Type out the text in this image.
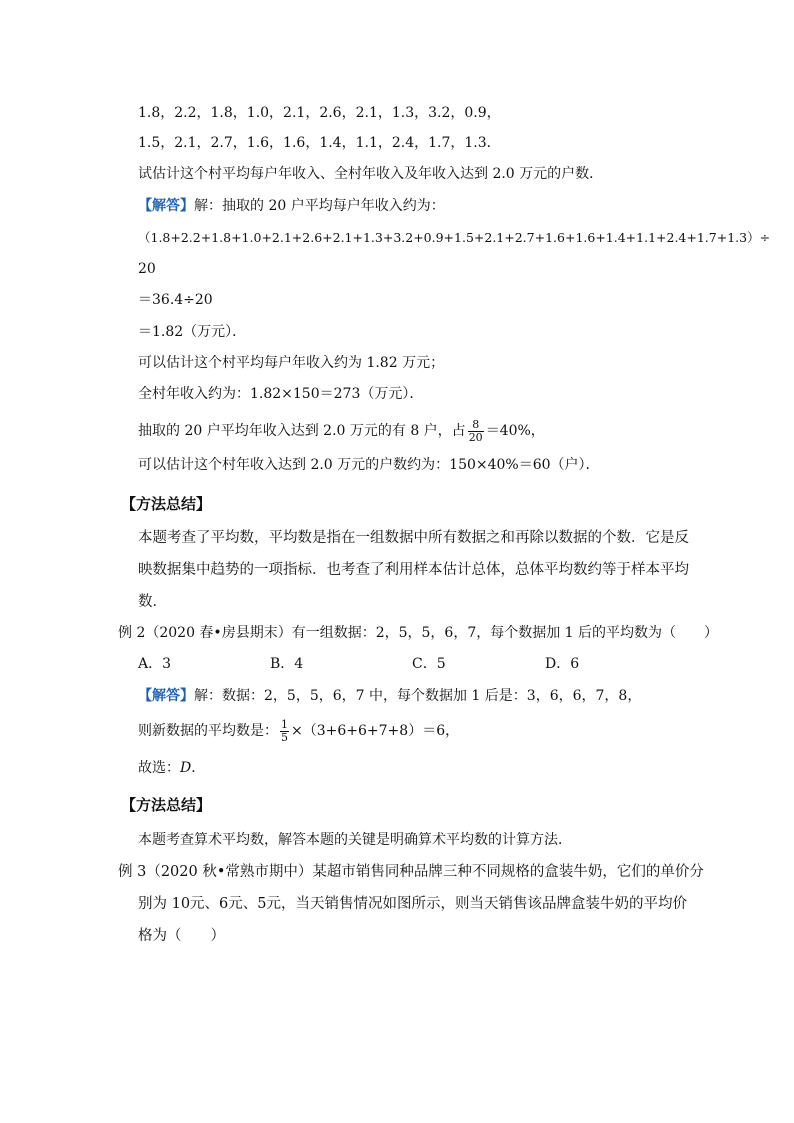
1.8，2.2，1.8，1.0，2.1，2.6，2.1，1.3，3.2，0.9，
1.5，2.1，2.7，1.6，1.6，1.4，1.1，2.4，1.7，1.3．
试估计这个村平均每户年收入、全村年收入及年收入达到 2.0 万元的户数．
【解答】解：抽取的 20 户平均每户年收入约为：
（1.8+2.2+1.8+1.0+2.1+2.6+2.1+1.3+3.2+0.9+1.5+2.1+2.7+1.6+1.6+1.4+1.1+2.4+1.7+1.3）÷
20
＝36.4÷20
＝1.82（万元）．
可以估计这个村平均每户年收入约为 1.82 万元；
全村年收入约为：1.82×150＝273（万元）．
抽取的 20 户平均年收入达到 2.0 万元的有 8 户，占 $\frac{8}{20} =40\%$，
可以估计这个村年收入达到 2.0 万元的户数约为：150×40%＝60（户）．
【方法总结】
本题考查了平均数，平均数是指在一组数据中所有数据之和再除以数据的个数．它是反
映数据集中趋势的一项指标．也考查了利用样本估计总体，总体平均数约等于样本平均
数．
例 2（2020 春•房县期末）有一组数据：2，5，5，6，7，每个数据加 1 后的平均数为（　　）
A．3	B．4	C．5	D．6
【解答】解：数据：2，5，5，6，7 中，每个数据加 1 后是：3，6，6，7，8，
则新数据的平均数是： $\frac{1}{5} \times(3+6+6+7+8)=6$，
故选：D．
【方法总结】
本题考查算术平均数，解答本题的关键是明确算术平均数的计算方法．
例 3（2020 秋•常熟市期中）某超市销售同种品牌三种不同规格的盒装牛奶，它们的单价分
别为 10元、6元、5元，当天销售情况如图所示，则当天销售该品牌盒装牛奶的平均价
格为（　　）
